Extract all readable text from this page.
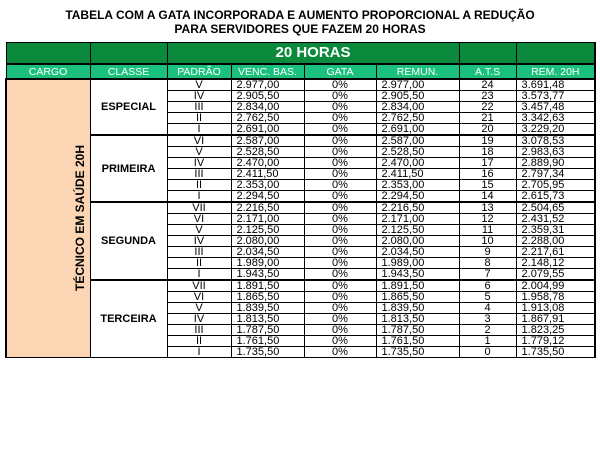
TABELA COM A GATA INCORPORADA E AUMENTO PROPORCIONAL A REDUÇÃO
PARA SERVIDORES QUE FAZEM 20 HORAS
		20 HORAS					
CARGO	CLASSE	PADRÃO	VENC. BAS.	GATA	REMUN.	A.T.S	REM. 20H
TÉCNICO EM SAÚDE 20H	ESPECIAL	V	2.977,00	0%	2.977,00	24	3.691,48
		IV	2.905,50	0%	2.905,50	23	3.573,77
		III	2.834,00	0%	2.834,00	22	3.457,48
		II	2.762,50	0%	2.762,50	21	3.342,63
		I	2.691,00	0%	2.691,00	20	3.229,20
	PRIMEIRA	VI	2.587,00	0%	2.587,00	19	3.078,53
		V	2.528,50	0%	2.528,50	18	2.983,63
		IV	2.470,00	0%	2.470,00	17	2.889,90
		III	2.411,50	0%	2.411,50	16	2.797,34
		II	2.353,00	0%	2.353,00	15	2.705,95
		I	2.294,50	0%	2.294,50	14	2.615,73
	SEGUNDA	VII	2.216,50	0%	2.216,50	13	2.504,65
		VI	2.171,00	0%	2.171,00	12	2.431,52
		V	2.125,50	0%	2.125,50	11	2.359,31
		IV	2.080,00	0%	2.080,00	10	2.288,00
		III	2.034,50	0%	2.034,50	9	2.217,61
		II	1.989,00	0%	1.989,00	8	2.148,12
		I	1.943,50	0%	1.943,50	7	2.079,55
	TERCEIRA	VII	1.891,50	0%	1.891,50	6	2.004,99
		VI	1.865,50	0%	1.865,50	5	1.958,78
		V	1.839,50	0%	1.839,50	4	1.913,08
		IV	1.813,50	0%	1.813,50	3	1.867,91
		III	1.787,50	0%	1.787,50	2	1.823,25
		II	1.761,50	0%	1.761,50	1	1.779,12
		I	1.735,50	0%	1.735,50	0	1.735,50
